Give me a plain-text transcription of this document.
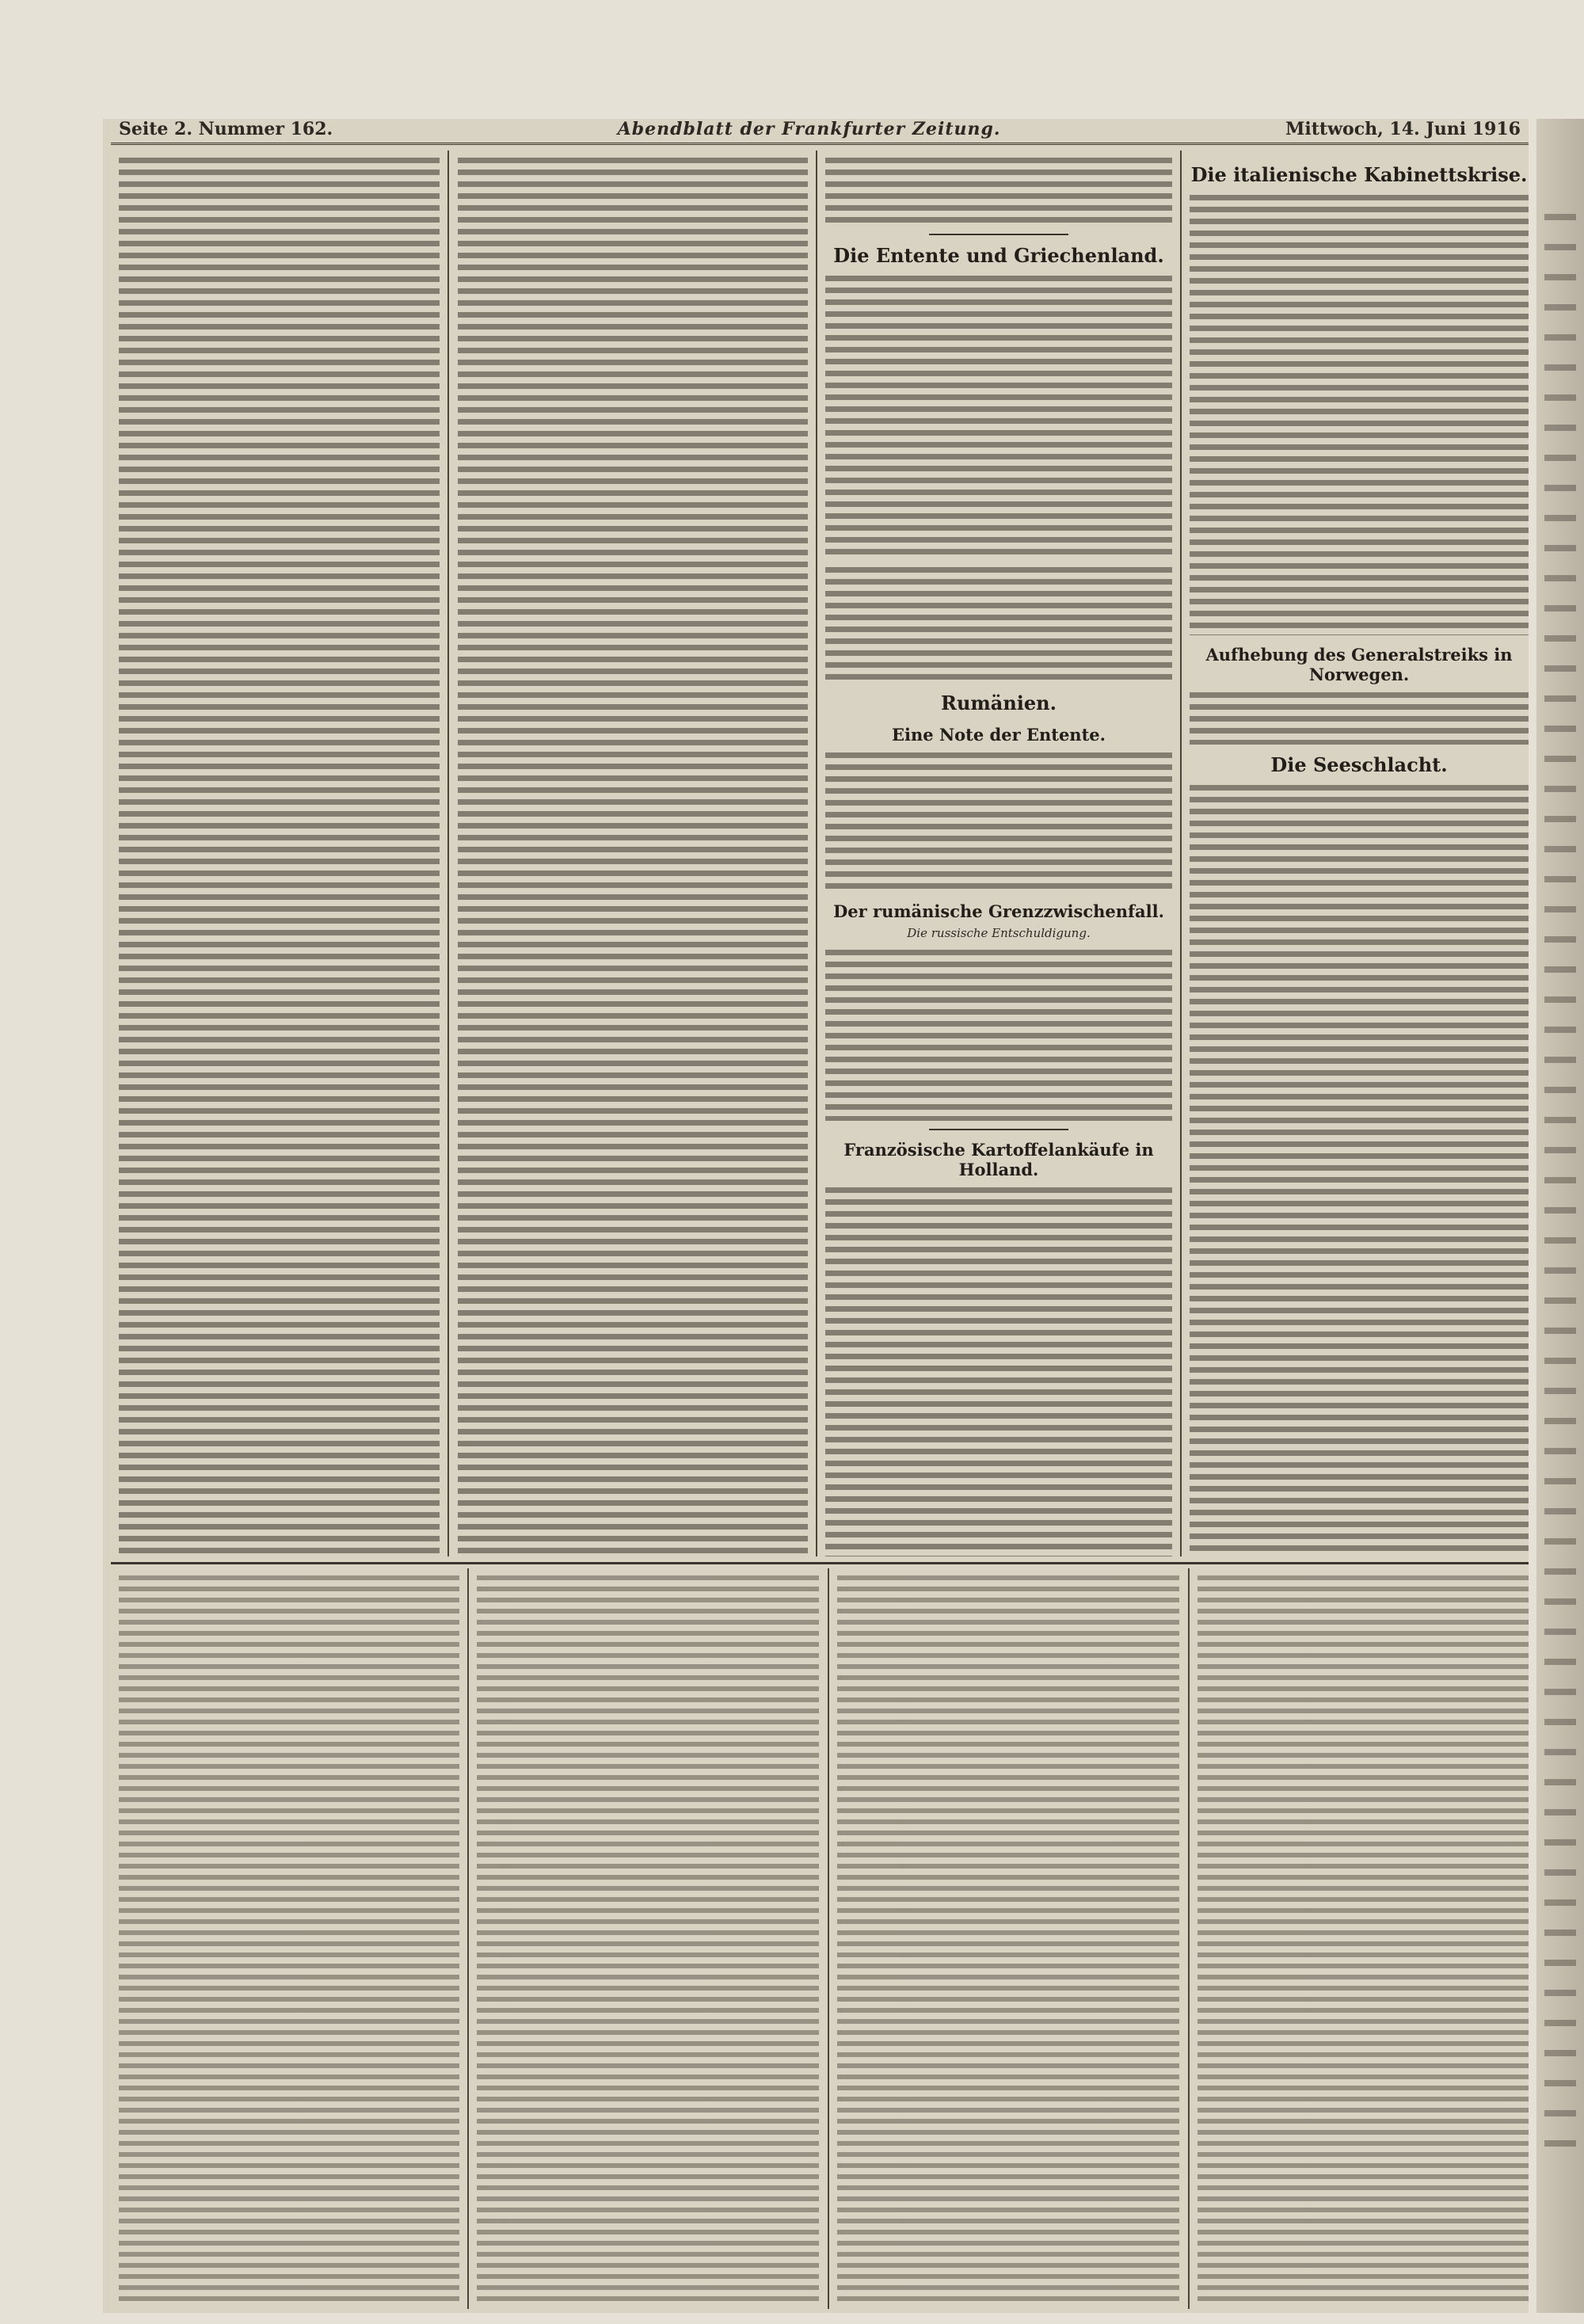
Seite 2. Nummer 162.	Abendblatt der Frankfurter Zeitung.	Mittwoch, 14. Juni 1916
Die Entente und Griechenland.
Rumänien.
Eine Note der Entente.
Der rumänische Grenzzwischenfall.
Die russische Entschuldigung.
Französische Kartoffelankäufe in Holland.
Die italienische Kabinettskrise.
Aufhebung des Generalstreiks in Norwegen.
Die Seeschlacht.
